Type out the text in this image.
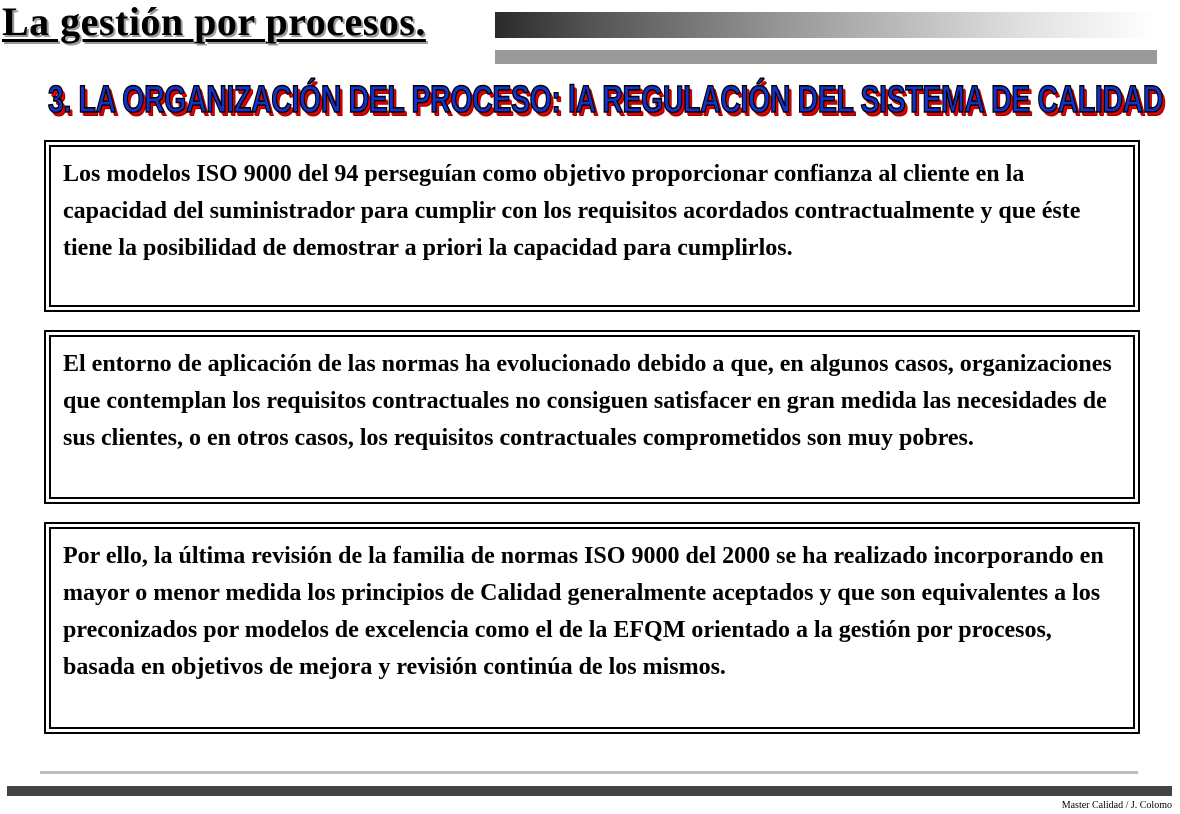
La gestión por procesos.
3. LA ORGANIZACIÓN DEL PROCESO: lA REGULACIÓN DEL SISTEMA DE CALIDAD

Los modelos ISO 9000 del 94 perseguían como objetivo proporcionar confianza al cliente en la capacidad del suministrador para cumplir con los requisitos acordados contractualmente y que éste tiene la posibilidad de demostrar a priori la capacidad para cumplirlos.

El entorno de aplicación de las normas ha evolucionado debido a que, en algunos casos, organizaciones que contemplan los requisitos contractuales no consiguen satisfacer en gran medida las necesidades de sus clientes, o en otros casos, los requisitos contractuales comprometidos son muy pobres.

Por ello, la última revisión de la familia de normas ISO 9000 del 2000 se ha realizado incorporando en mayor o menor medida los principios de Calidad generalmente aceptados y que son equivalentes a los preconizados por modelos de excelencia como el de la EFQM orientado a la gestión por procesos, basada en objetivos de mejora y revisión continúa de los mismos.

Master Calidad / J. Colomo
